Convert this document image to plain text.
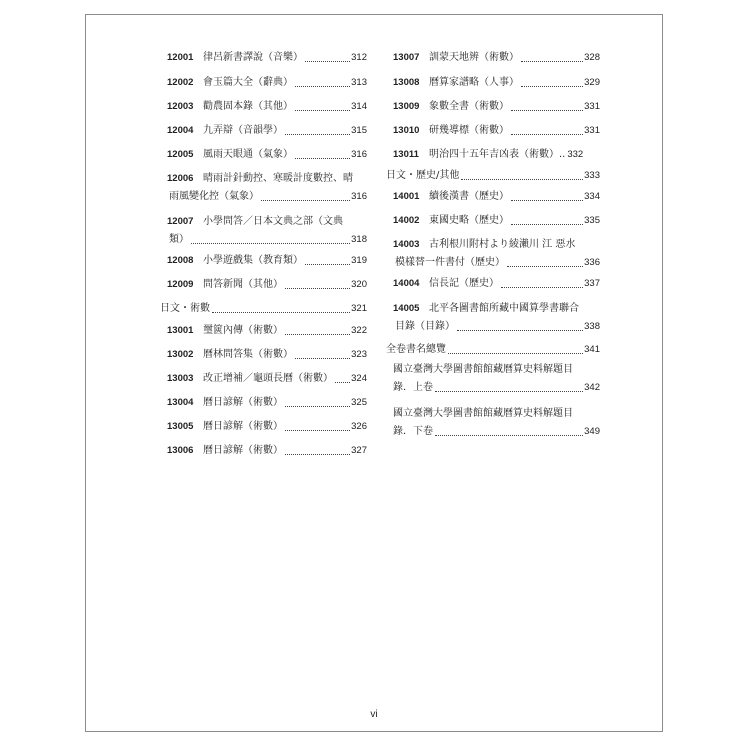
12001 律呂新書譯說（音樂）	312
12002 會玉篇大全（辭典）	313
12003 勸農固本錄（其他）	314
12004 九弄辯（音韻學）	315
12005 風雨天眼通（氣象）	316
12006 晴雨計針動控、寒暖計度數控、晴
雨風變化控（氣象）	316
12007 小學問答／日本文典之部（文典
類）	318
12008 小學遊戲集（教育類）	319
12009 問答新聞（其他）	320
日文・術數	321
13001 璽篋內傳（術數）	322
13002 曆林問答集（術數）	323
13003 改正增補／龜頭長曆（術數） 324
13004 曆日諺解（術數）	325
13005 曆日諺解（術數）	326
13006 曆日諺解（術數）	327
13007 訓蒙天地辨（術數）	328
13008 曆算家譜略（人事）	329
13009 象數全書（術數）	331
13010 研幾導標（術數）	331
13011	明治四十五年吉凶表（術數）.. 332
日文・歷史/其他	333
14001 續後漢書（歷史）	334
14002 東國史略（歷史）	335
14003 古利根川附村より綾瀨川 江 惡水
模樣替一件書付（歷史）	336
14004 信長記（歷史）	337
14005 北平各圖書館所藏中國算學書聯合
目錄（目錄）	338
全卷書名總覽	341
國立臺灣大學圖書館館藏曆算史料解題目
錄．上卷	342
國立臺灣大學圖書館館藏曆算史料解題目
錄．下卷	349
vi
